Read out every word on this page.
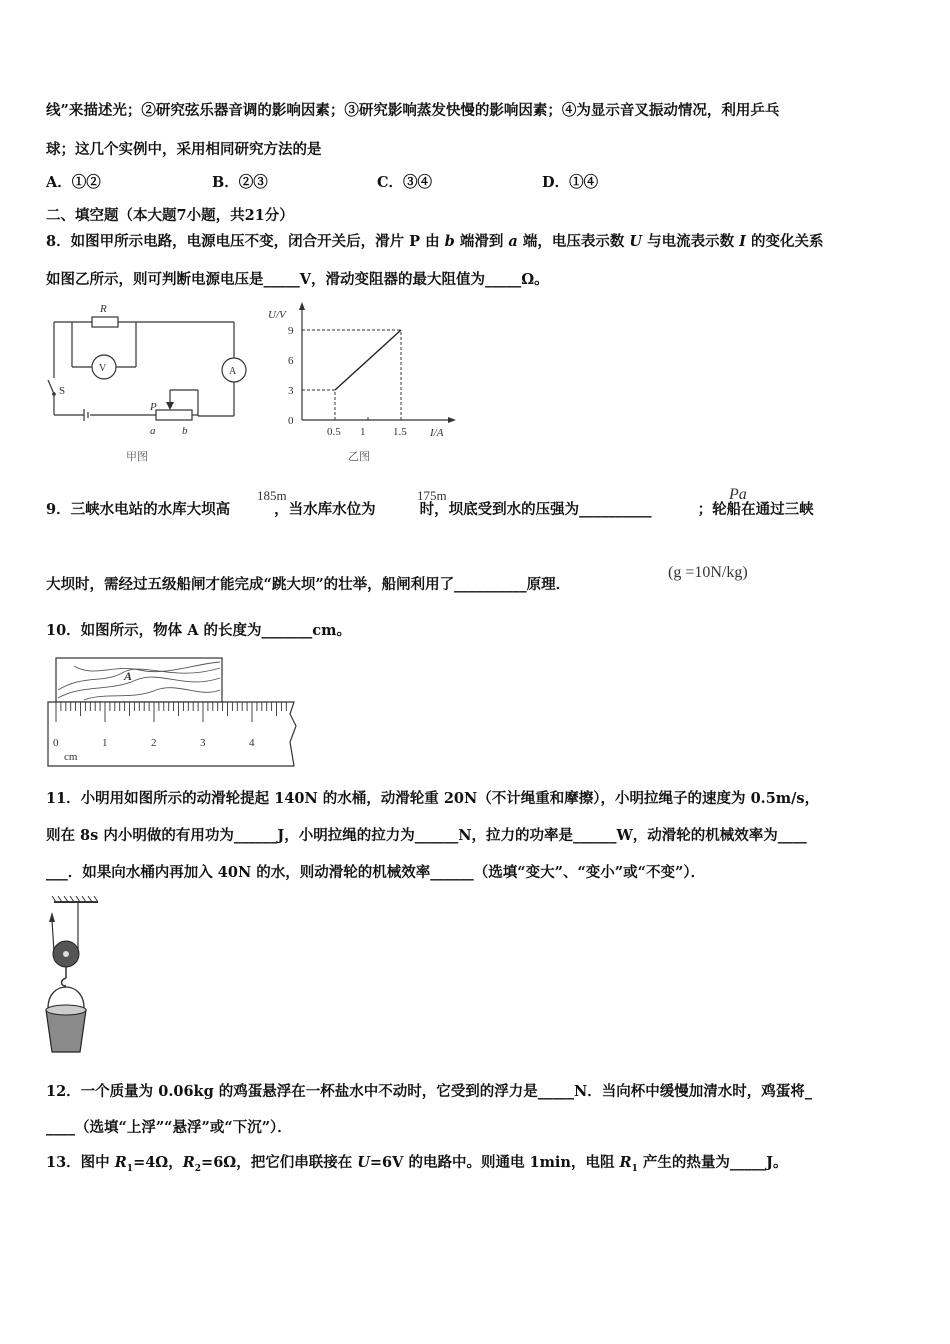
线”来描述光；②研究弦乐器音调的影响因素；③研究影响蒸发快慢的影响因素；④为显示音叉振动情况，利用乒乓
球；这几个实例中，采用相同研究方法的是
A．①②	B．②③	C．③④	D．①④
二、填空题（本大题7小题，共21分）
8．如图甲所示电路，电源电压不变，闭合开关后，滑片 P 由 b 端滑到 a 端，电压表示数 U 与电流表示数 I 的变化关系
如图乙所示，则可判断电源电压是_____V，滑动变阻器的最大阻值为_____Ω。
R
V	A
S
P
a b
甲图
9
6
3
0
0.5 1	1.5
U/V
I/A
乙图
9．三峡水电站的水库大坝高	，当水库水位为	时，坝底受到水的压强为__________	；轮船在通过三峡
185m	175m	Pa
大坝时，需经过五级船闸才能完成“跳大坝”的壮举，船闸利用了__________原理．
(g =10N/kg)
10．如图所示，物体 A 的长度为_______cm。
A
0	1	2	3	4
cm
11．小明用如图所示的动滑轮提起 140N 的水桶，动滑轮重 20N（不计绳重和摩擦），小明拉绳子的速度为 0.5m/s，
则在 8s 内小明做的有用功为______J，小明拉绳的拉力为______N，拉力的功率是______W，动滑轮的机械效率为____
___．如果向水桶内再加入 40N 的水，则动滑轮的机械效率______（选填“变大”、“变小”或“不变”）．
12．一个质量为 0.06kg 的鸡蛋悬浮在一杯盐水中不动时，它受到的浮力是_____N．当向杯中缓慢加清水时，鸡蛋将_
____（选填“上浮”“悬浮”或“下沉”）．
13．图中 $R_1=4\Omega$，$R_2=6\Omega$，把它们串联接在 U=6V 的电路中。则通电 1min，电阻 $R_1$ 产生的热量为_____J。
